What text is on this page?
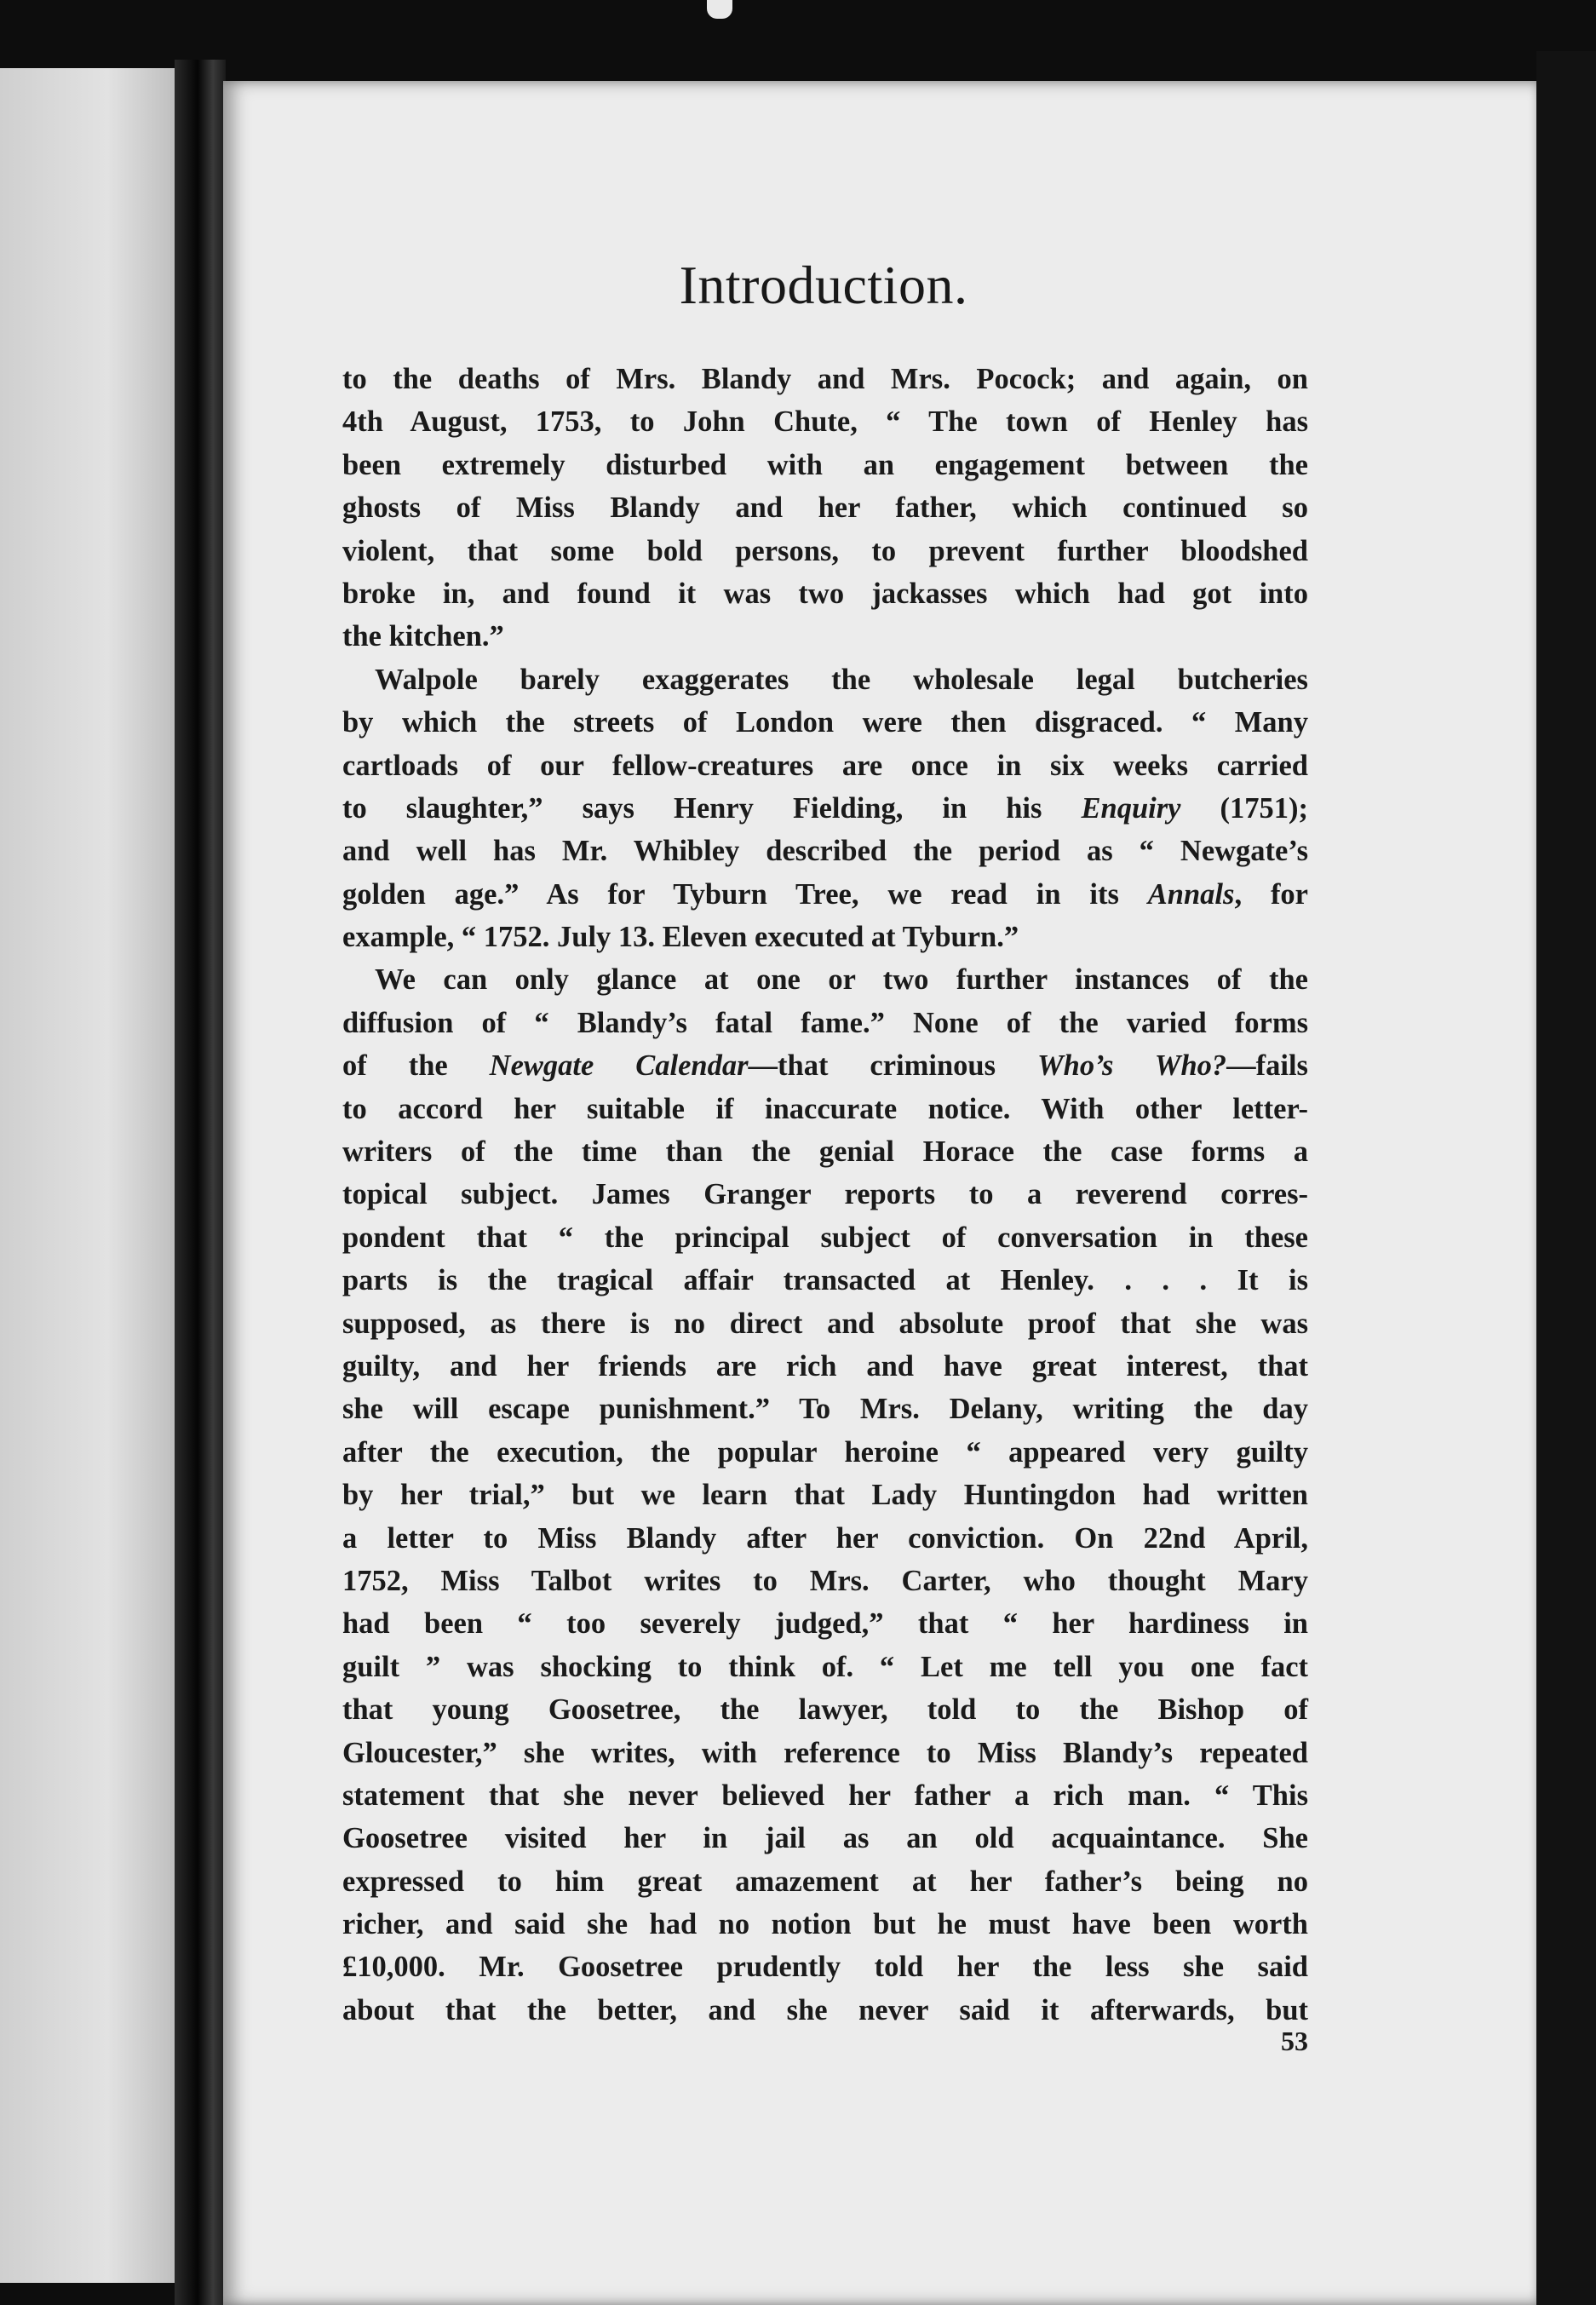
Introduction.
to the deaths of Mrs. Blandy and Mrs. Pocock; and again, on
4th August, 1753, to John Chute, “ The town of Henley has
been extremely disturbed with an engagement between the
ghosts of Miss Blandy and her father, which continued so
violent, that some bold persons, to prevent further bloodshed
broke in, and found it was two jackasses which had got into
the kitchen.”
Walpole barely exaggerates the wholesale legal butcheries
by which the streets of London were then disgraced. “ Many
cartloads of our fellow-creatures are once in six weeks carried
to slaughter,” says Henry Fielding, in his Enquiry (1751);
and well has Mr. Whibley described the period as “ Newgate’s
golden age.” As for Tyburn Tree, we read in its Annals, for
example, “ 1752. July 13. Eleven executed at Tyburn.”
We can only glance at one or two further instances of the
diffusion of “ Blandy’s fatal fame.” None of the varied forms
of the Newgate Calendar—that criminous Who’s Who?—fails
to accord her suitable if inaccurate notice. With other letter-
writers of the time than the genial Horace the case forms a
topical subject. James Granger reports to a reverend corres-
pondent that “ the principal subject of conversation in these
parts is the tragical affair transacted at Henley. . . . It is
supposed, as there is no direct and absolute proof that she was
guilty, and her friends are rich and have great interest, that
she will escape punishment.” To Mrs. Delany, writing the day
after the execution, the popular heroine “ appeared very guilty
by her trial,” but we learn that Lady Huntingdon had written
a letter to Miss Blandy after her conviction. On 22nd April,
1752, Miss Talbot writes to Mrs. Carter, who thought Mary
had been “ too severely judged,” that “ her hardiness in
guilt ” was shocking to think of. “ Let me tell you one fact
that young Goosetree, the lawyer, told to the Bishop of
Gloucester,” she writes, with reference to Miss Blandy’s repeated
statement that she never believed her father a rich man. “ This
Goosetree visited her in jail as an old acquaintance. She
expressed to him great amazement at her father’s being no
richer, and said she had no notion but he must have been worth
£10,000. Mr. Goosetree prudently told her the less she said
about that the better, and she never said it afterwards, but
53
